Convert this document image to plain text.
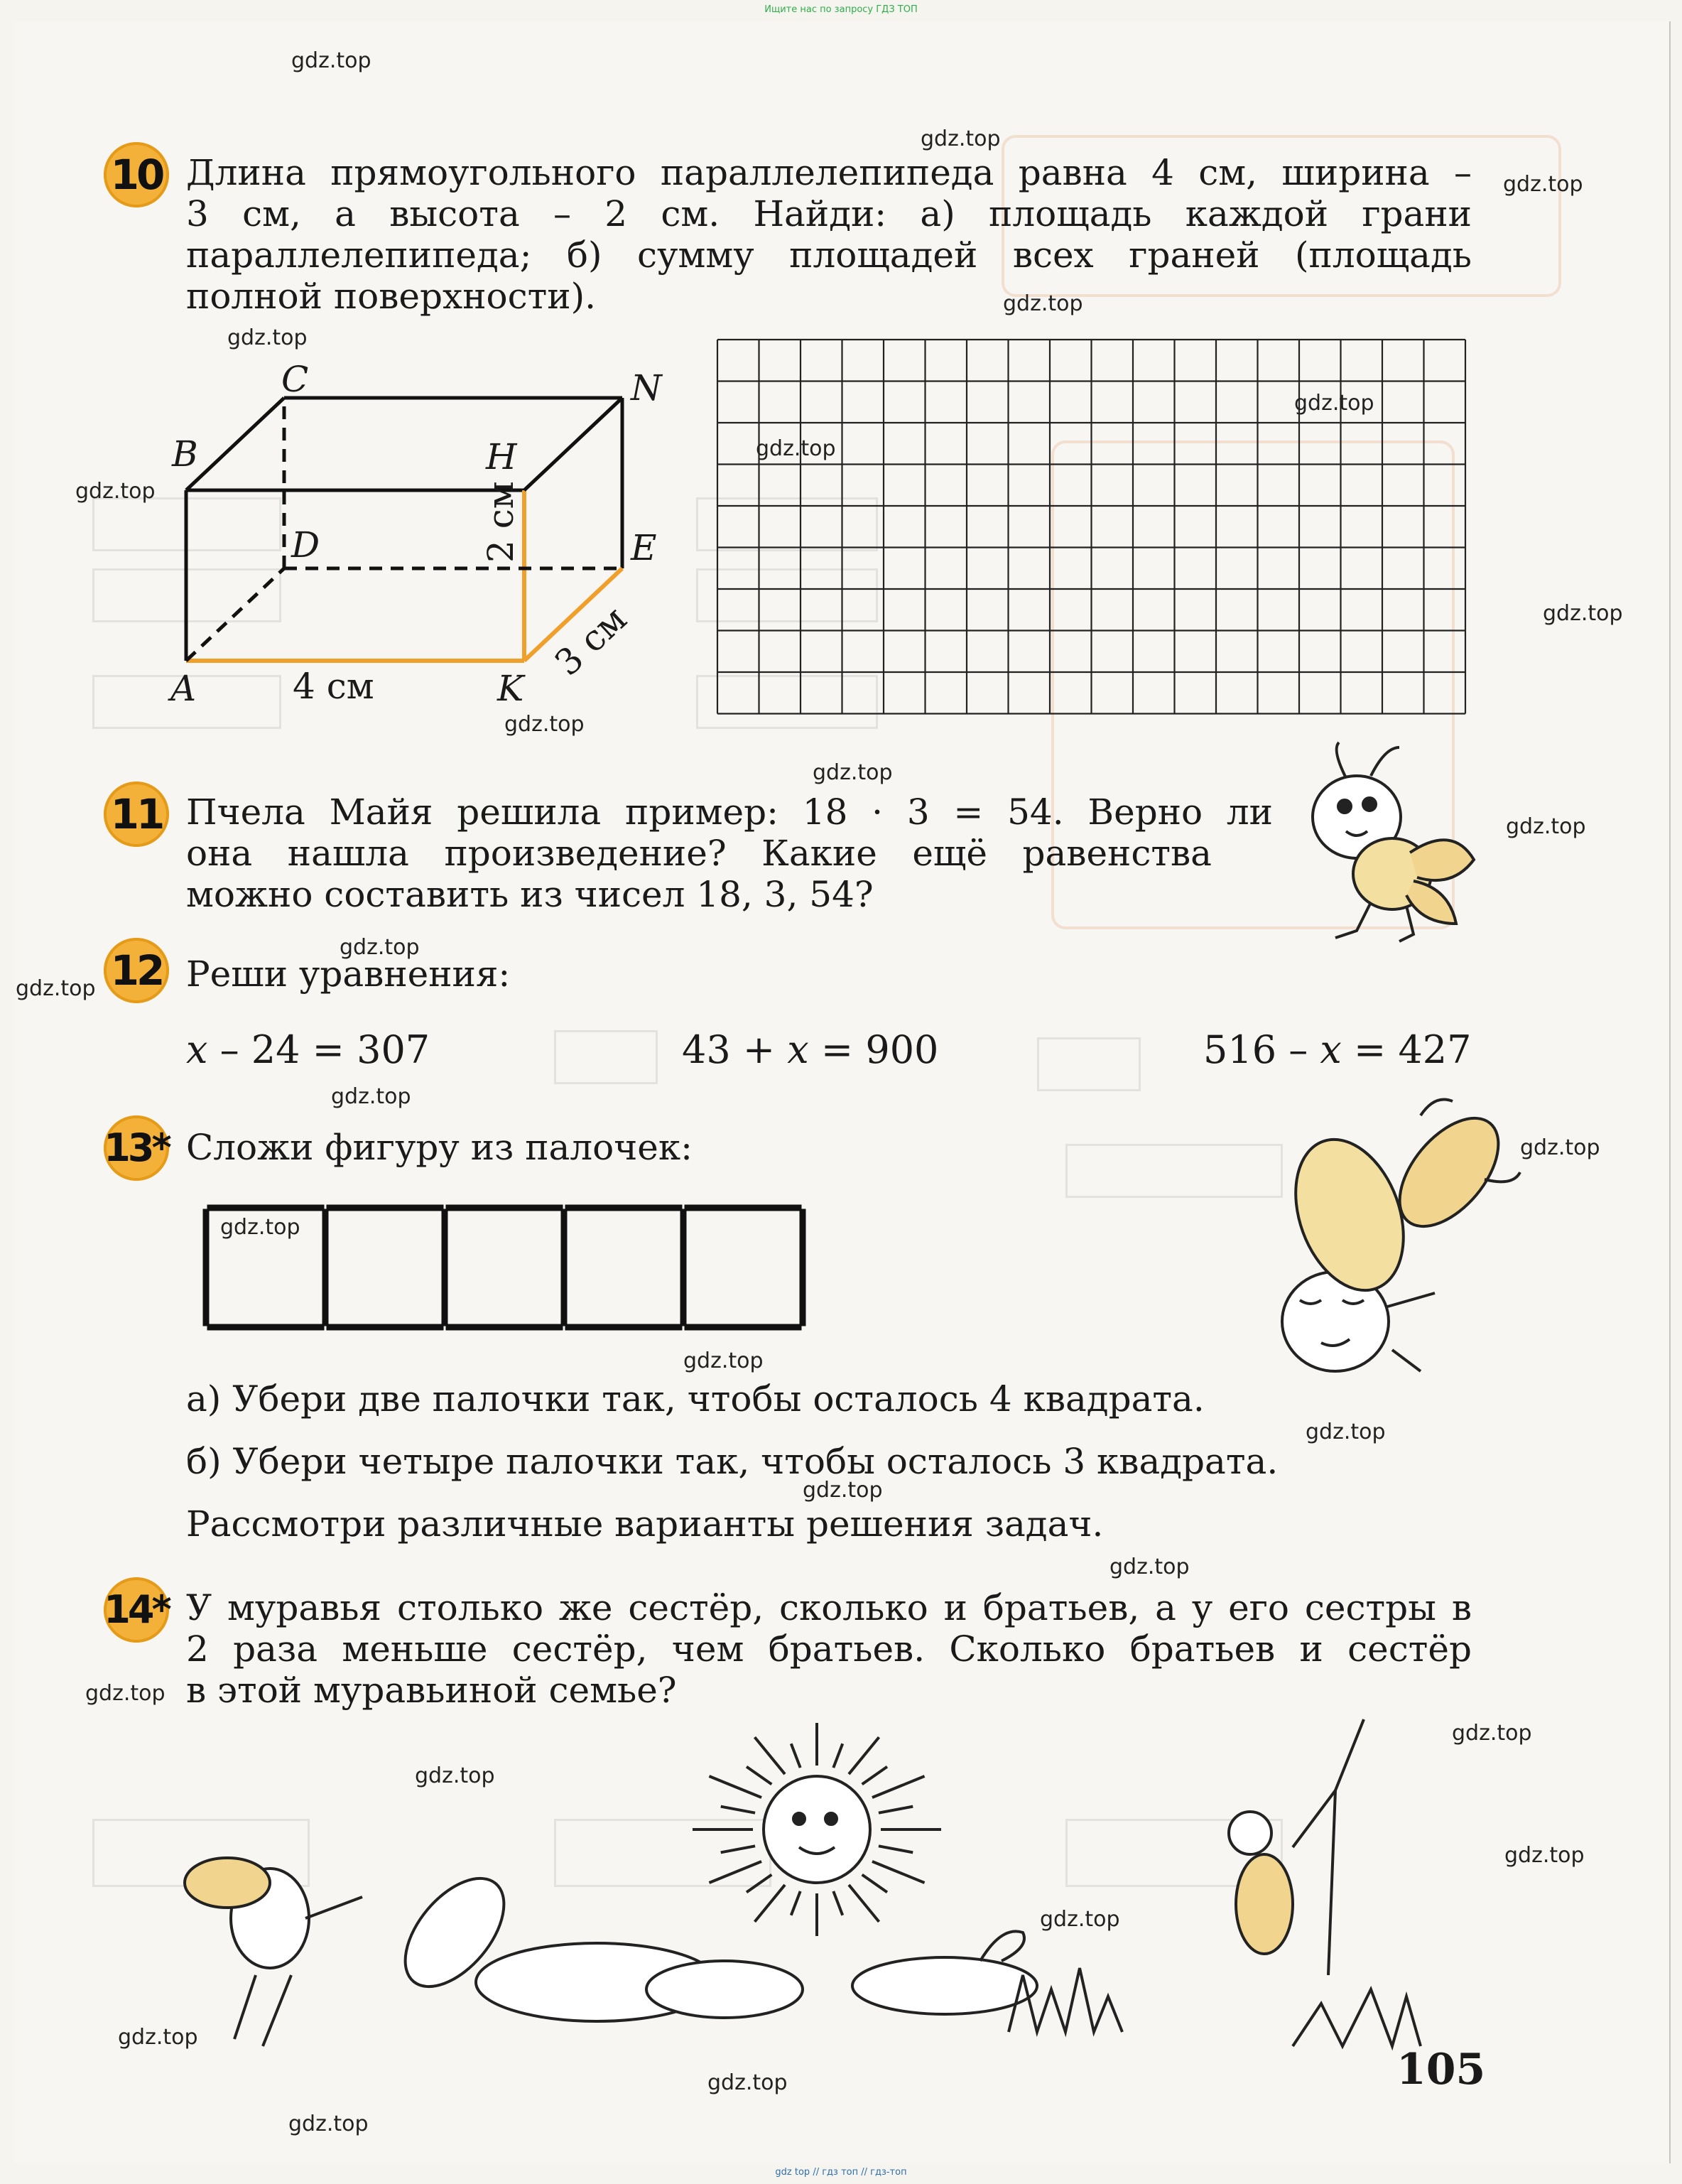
Ищите нас по запросу ГДЗ ТОП
10 Длина прямоугольного параллелепипеда равна 4 см, ширина –
3 см, а высота – 2 см. Найди: а) площадь каждой грани
параллелепипеда; б) сумму площадей всех граней (площадь
полной поверхности).
C	N
B	H
D	E
A	K
4 см
2 см
3 см
11 Пчела Майя решила пример: 18 · 3 = 54. Верно ли
она нашла произведение? Какие ещё равенства
можно составить из чисел 18, 3, 54?
12 Реши уравнения:
x – 24 = 307	43 + x = 900	516 – x = 427
13* Сложи фигуру из палочек:
а) Убери две палочки так, чтобы осталось 4 квадрата.
б) Убери четыре палочки так, чтобы осталось 3 квадрата.
Рассмотри различные варианты решения задач.
14* У муравья столько же сестёр, сколько и братьев, а у его сестры в
2 раза меньше сестёр, чем братьев. Сколько братьев и сестёр
в этой муравьиной семье?
105
gdz.top
gdz.top
gdz.top
gdz.top
gdz.top
gdz.top
gdz.top
gdz.top
gdz.top
gdz.top
gdz.top
gdz.top
gdz.top
gdz.top
gdz.top
gdz.top
gdz.top
gdz.top
gdz.top
gdz.top
gdz.top
gdz.top
gdz.top
gdz.top
gdz.top
gdz.top
gdz.top
gdz.top
gdz.top
gdz top // гдз топ // гдз-топ
